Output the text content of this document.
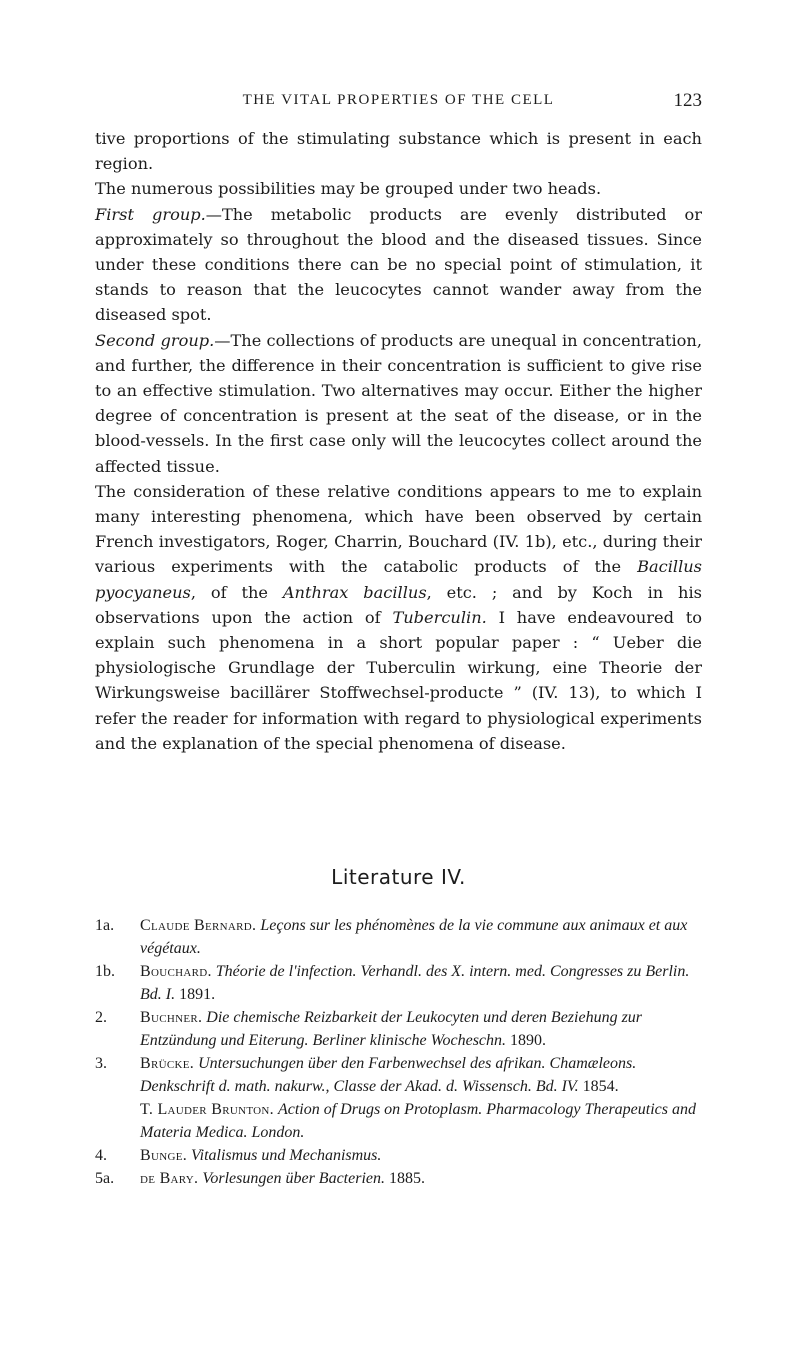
THE VITAL PROPERTIES OF THE CELL	123

tive proportions of the stimulating substance which is present in each region.

The numerous possibilities may be grouped under two heads.

First group.—The metabolic products are evenly distributed or approximately so throughout the blood and the diseased tissues. Since under these conditions there can be no special point of stimulation, it stands to reason that the leucocytes cannot wander away from the diseased spot.

Second group.—The collections of products are unequal in concentration, and further, the difference in their concentration is sufficient to give rise to an effective stimulation. Two alternatives may occur. Either the higher degree of concentration is present at the seat of the disease, or in the blood-vessels. In the first case only will the leucocytes collect around the affected tissue.

The consideration of these relative conditions appears to me to explain many interesting phenomena, which have been observed by certain French investigators, Roger, Charrin, Bouchard (IV. 1b), etc., during their various experiments with the catabolic products of the Bacillus pyocyaneus, of the Anthrax bacillus, etc. ; and by Koch in his observations upon the action of Tuberculin. I have endeavoured to explain such phenomena in a short popular paper : “ Ueber die physiologische Grundlage der Tuberculin wirkung, eine Theorie der Wirkungsweise bacillärer Stoffwechsel-producte ” (IV. 13), to which I refer the reader for information with regard to physiological experiments and the explanation of the special phenomena of disease.

Literature IV.
1a.	Claude Bernard. Leçons sur les phénomènes de la vie commune aux animaux et aux végétaux.
1b.	Bouchard. Théorie de l'infection. Verhandl. des X. intern. med. Congresses zu Berlin. Bd. I. 1891.
2.	Buchner. Die chemische Reizbarkeit der Leukocyten und deren Beziehung zur Entzündung und Eiterung. Berliner klinische Wocheschn. 1890.
3.	Brücke. Untersuchungen über den Farbenwechsel des afrikan. Chamæleons. Denkschrift d. math. nakurw., Classe der Akad. d. Wissensch. Bd. IV. 1854.
T. Lauder Brunton. Action of Drugs on Protoplasm. Pharmacology Therapeutics and Materia Medica. London.
4.	Bunge. Vitalismus und Mechanismus.
5a.	de Bary. Vorlesungen über Bacterien. 1885.
